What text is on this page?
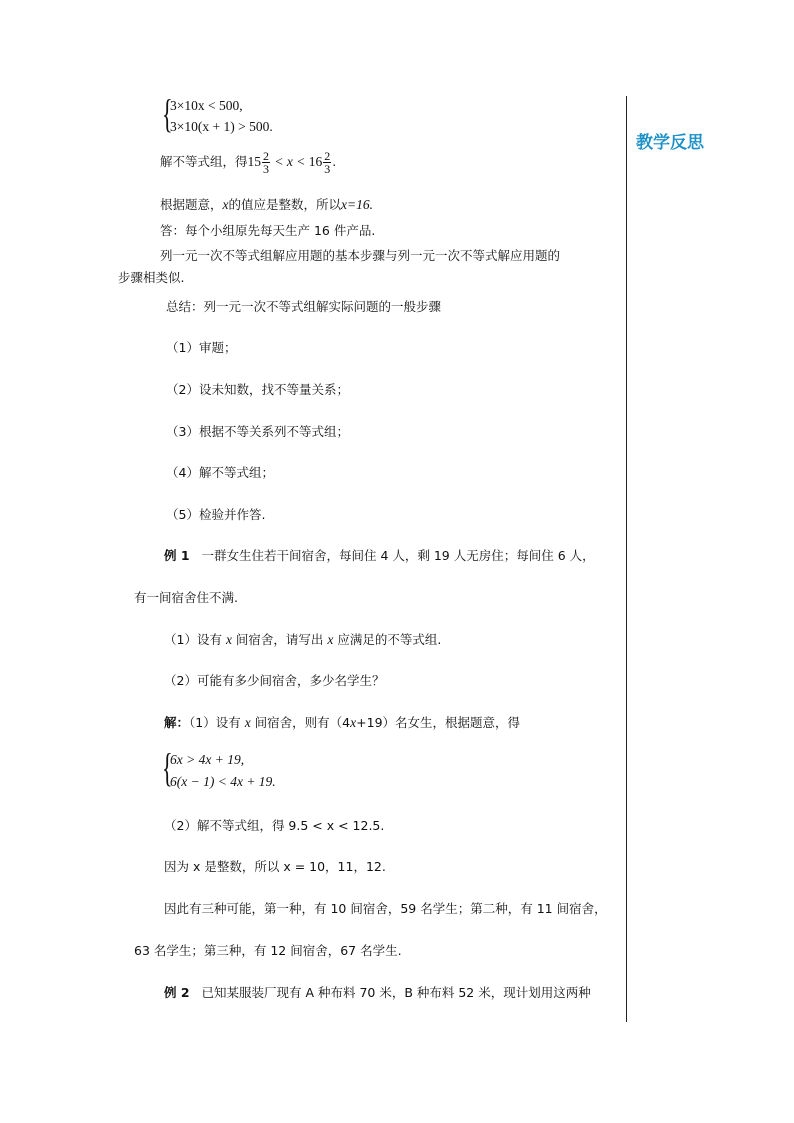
教学反思
{
3×10x < 500,
3×10(x + 1) > 500.
解不等式组，得$15 \frac{2}{3} < x < 16 \frac{2}{3}$ .
根据题意，x的值应是整数，所以x=16.
答：每个小组原先每天生产 16 件产品.
列一元一次不等式组解应用题的基本步骤与列一元一次不等式解应用题的
步骤相类似.
总结：列一元一次不等式组解实际问题的一般步骤
（1）审题；
（2）设未知数，找不等量关系；
（3）根据不等关系列不等式组；
（4）解不等式组；
（5）检验并作答.
例 1 一群女生住若干间宿舍，每间住 4 人，剩 19 人无房住；每间住 6 人，
有一间宿舍住不满.
（1）设有 x 间宿舍，请写出 x 应满足的不等式组.
（2）可能有多少间宿舍，多少名学生？
解：（1）设有 x 间宿舍，则有（4x+19）名女生，根据题意，得
{
6x > 4x + 19,
6(x − 1) < 4x + 19.
（2）解不等式组，得 9.5 < x < 12.5.
因为 x 是整数，所以 x = 10，11，12.
因此有三种可能，第一种，有 10 间宿舍，59 名学生；第二种，有 11 间宿舍，
63 名学生；第三种，有 12 间宿舍，67 名学生.
例 2 已知某服装厂现有 A 种布料 70 米，B 种布料 52 米，现计划用这两种
